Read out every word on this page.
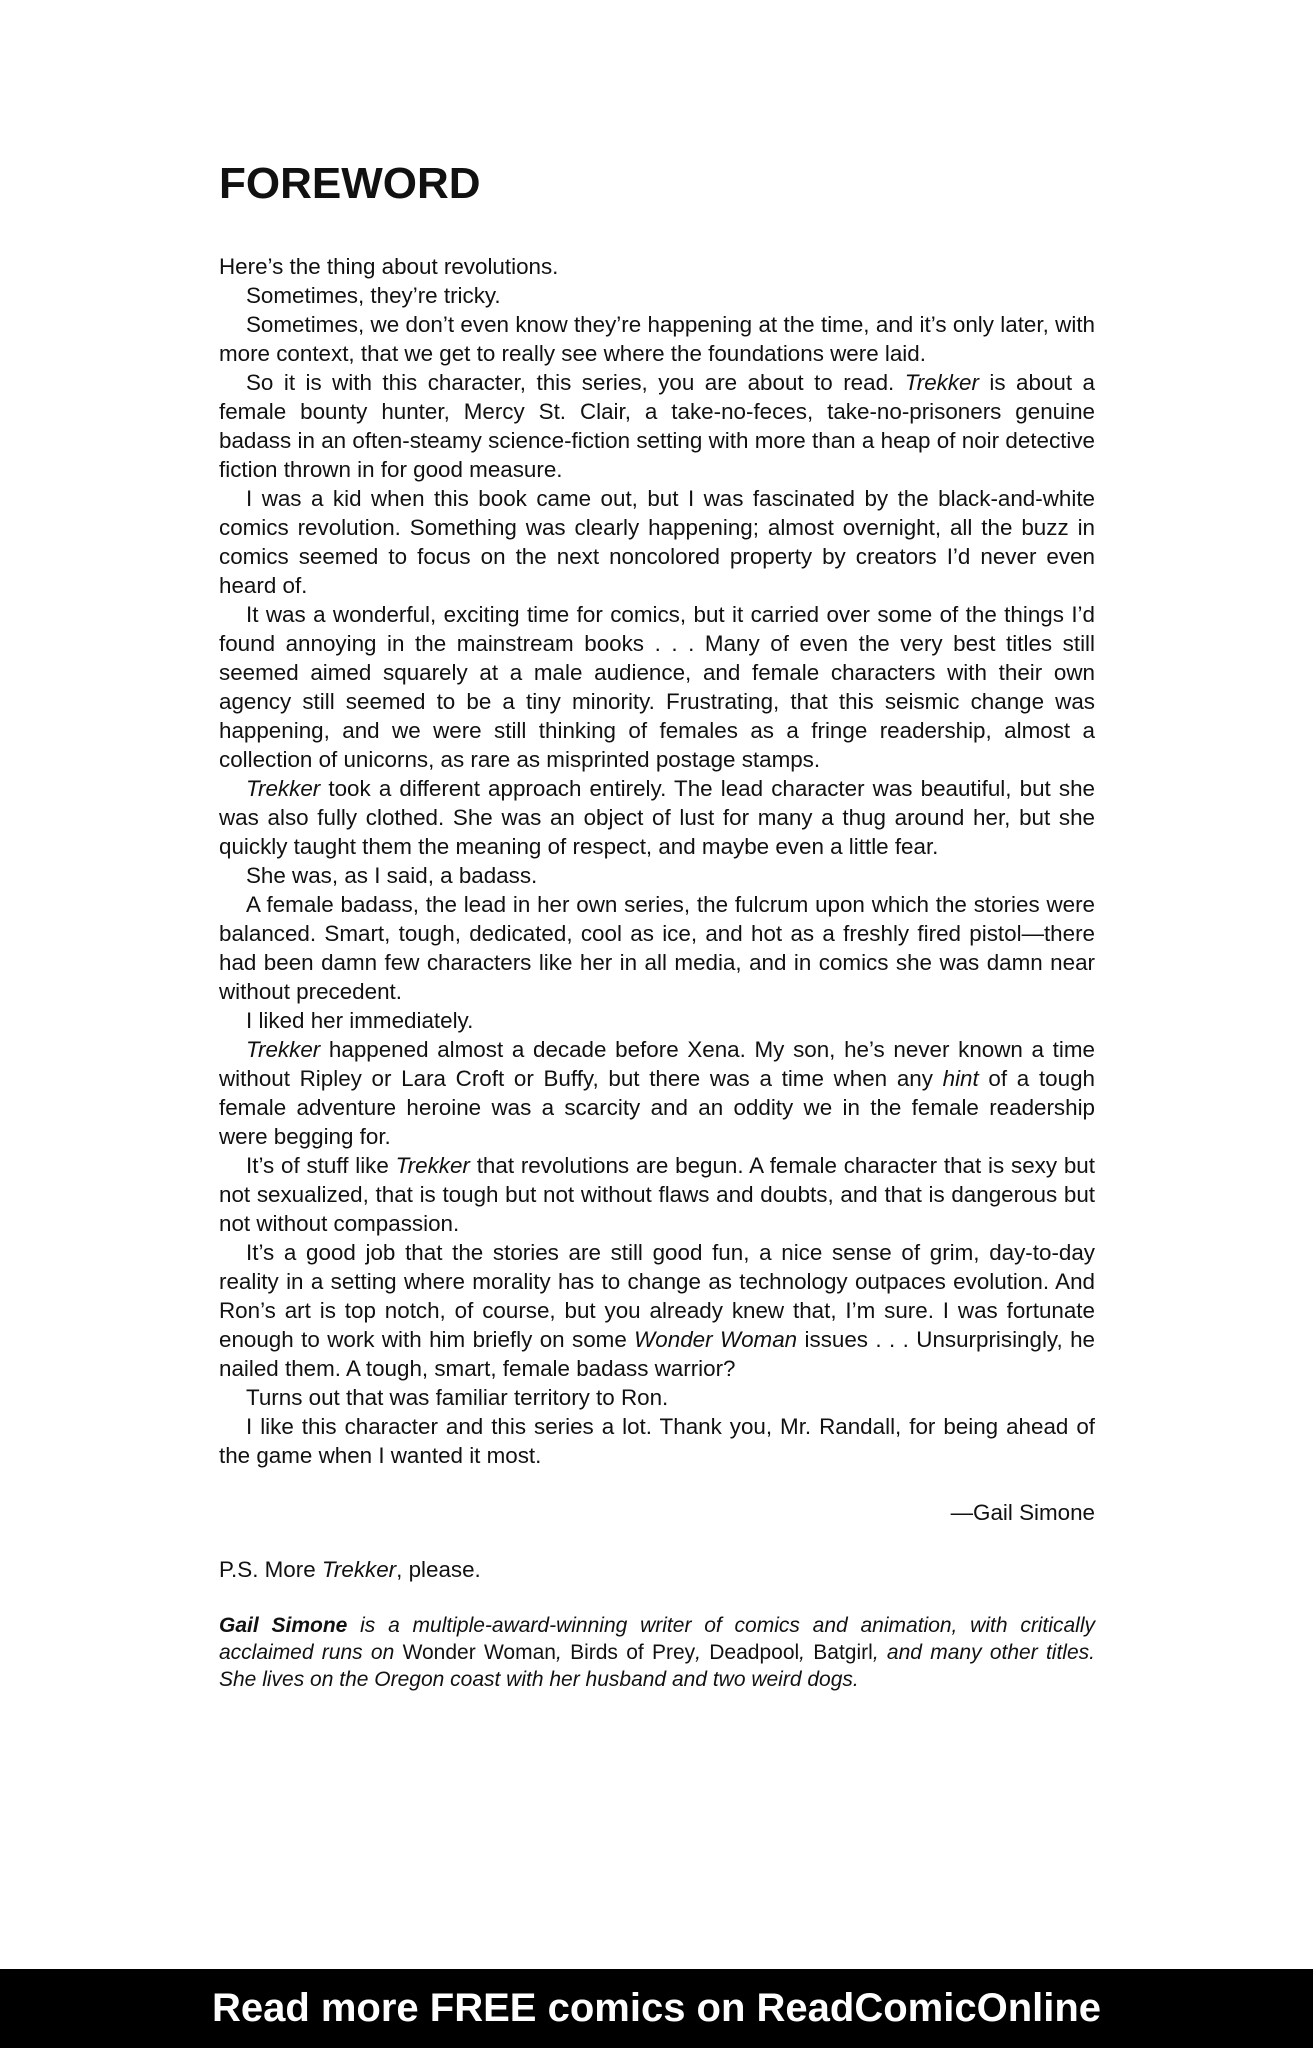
FOREWORD

Here’s the thing about revolutions.

Sometimes, they’re tricky.

Sometimes, we don’t even know they’re happening at the time, and it’s only later, with more context, that we get to really see where the foundations were laid.

So it is with this character, this series, you are about to read. Trekker is about a female bounty hunter, Mercy St. Clair, a take-no-feces, take-no-prisoners genuine badass in an often-steamy science-fiction setting with more than a heap of noir detective fiction thrown in for good measure.

I was a kid when this book came out, but I was fascinated by the black-and-white comics revolution. Something was clearly happening; almost overnight, all the buzz in comics seemed to focus on the next noncolored property by creators I’d never even heard of.

It was a wonderful, exciting time for comics, but it carried over some of the things I’d found annoying in the mainstream books . . . Many of even the very best titles still seemed aimed squarely at a male audience, and female characters with their own agency still seemed to be a tiny minority. Frustrating, that this seismic change was happening, and we were still thinking of females as a fringe readership, almost a collection of unicorns, as rare as misprinted postage stamps.

Trekker took a different approach entirely. The lead character was beautiful, but she was also fully clothed. She was an object of lust for many a thug around her, but she quickly taught them the meaning of respect, and maybe even a little fear.

She was, as I said, a badass.

A female badass, the lead in her own series, the fulcrum upon which the stories were balanced. Smart, tough, dedicated, cool as ice, and hot as a freshly fired pistol—there had been damn few characters like her in all media, and in comics she was damn near without precedent.

I liked her immediately.

Trekker happened almost a decade before Xena. My son, he’s never known a time without Ripley or Lara Croft or Buffy, but there was a time when any hint of a tough female adventure heroine was a scarcity and an oddity we in the female readership were begging for.

It’s of stuff like Trekker that revolutions are begun. A female character that is sexy but not sexualized, that is tough but not without flaws and doubts, and that is dangerous but not without compassion.

It’s a good job that the stories are still good fun, a nice sense of grim, day-to-day reality in a setting where morality has to change as technology outpaces evolution. And Ron’s art is top notch, of course, but you already knew that, I’m sure. I was fortunate enough to work with him briefly on some Wonder Woman issues . . . Unsurprisingly, he nailed them. A tough, smart, female badass warrior?

Turns out that was familiar territory to Ron.

I like this character and this series a lot. Thank you, Mr. Randall, for being ahead of the game when I wanted it most.

—Gail Simone
P.S. More Trekker, please.
Gail Simone is a multiple-award-winning writer of comics and animation, with critically acclaimed runs on Wonder Woman, Birds of Prey, Deadpool, Batgirl, and many other titles. She lives on the Oregon coast with her husband and two weird dogs.
Read more FREE comics on ReadComicOnline
